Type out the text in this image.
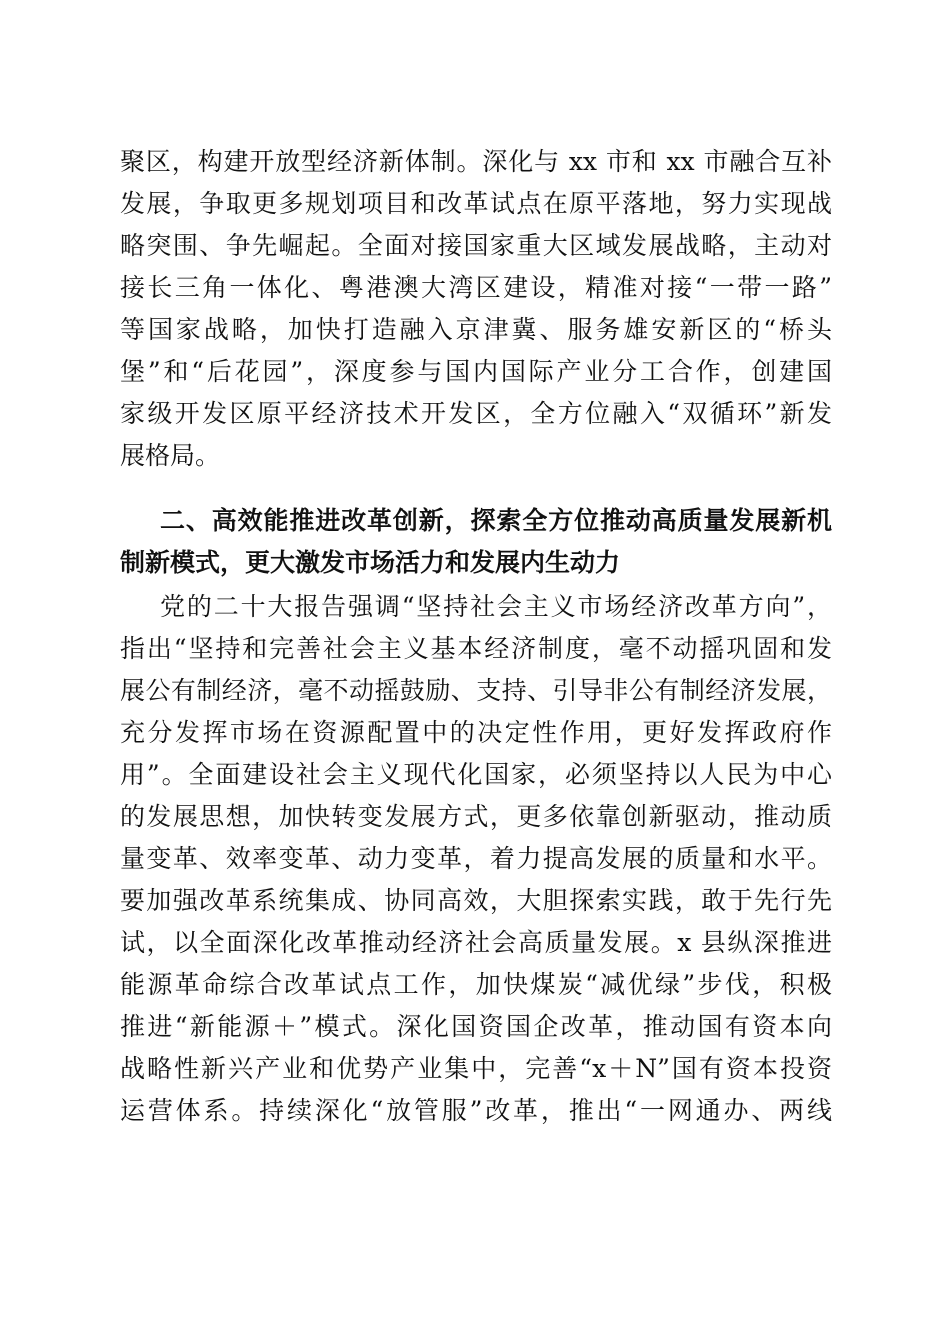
聚区，构建开放型经济新体制。深化与 xx 市和 xx 市融合互补
发展，争取更多规划项目和改革试点在原平落地，努力实现战
略突围、争先崛起。全面对接国家重大区域发展战略，主动对
接长三角一体化、粤港澳大湾区建设，精准对接“一带一路”
等国家战略，加快打造融入京津冀、服务雄安新区的“桥头
堡”和“后花园”，深度参与国内国际产业分工合作，创建国
家级开发区原平经济技术开发区，全方位融入“双循环”新发
展格局。
二、高效能推进改革创新，探索全方位推动高质量发展新机
制新模式，更大激发市场活力和发展内生动力
党的二十大报告强调“坚持社会主义市场经济改革方向”，
指出“坚持和完善社会主义基本经济制度，毫不动摇巩固和发
展公有制经济，毫不动摇鼓励、支持、引导非公有制经济发展，
充分发挥市场在资源配置中的决定性作用，更好发挥政府作
用”。全面建设社会主义现代化国家，必须坚持以人民为中心
的发展思想，加快转变发展方式，更多依靠创新驱动，推动质
量变革、效率变革、动力变革，着力提高发展的质量和水平。
要加强改革系统集成、协同高效，大胆探索实践，敢于先行先
试，以全面深化改革推动经济社会高质量发展。x 县纵深推进
能源革命综合改革试点工作，加快煤炭“减优绿”步伐，积极
推进“新能源＋”模式。深化国资国企改革，推动国有资本向
战略性新兴产业和优势产业集中，完善“x＋N”国有资本投资
运营体系。持续深化“放管服”改革，推出“一网通办、两线
